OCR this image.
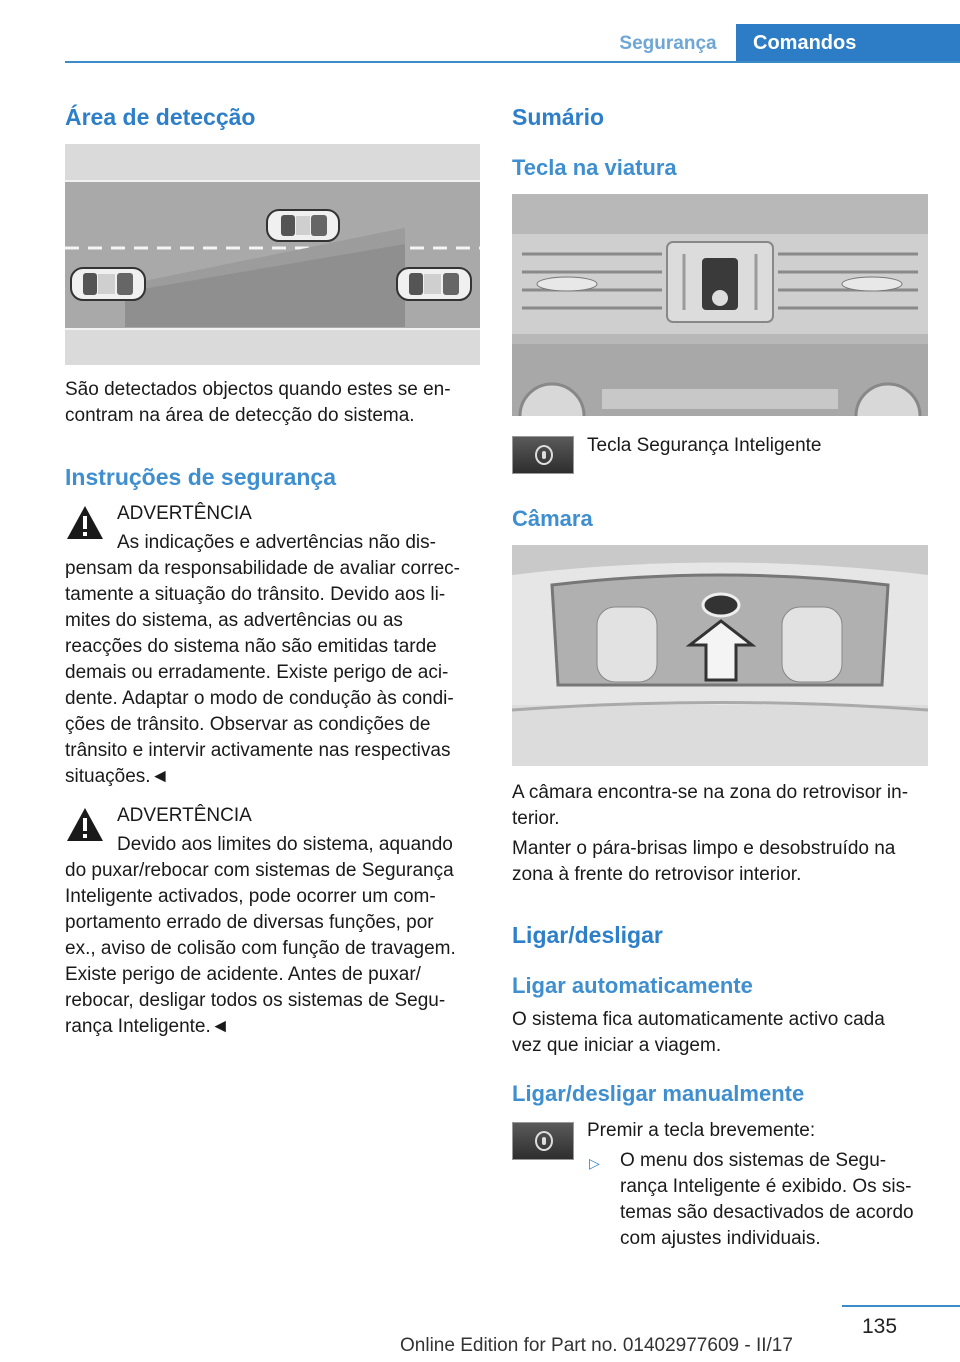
Segurança	Comandos
Área de detecção

São detectados objectos quando estes se en-

contram na área de detecção do sistema.

Instruções de segurança

ADVERTÊNCIA

As indicações e advertências não dis-

pensam da responsabilidade de avaliar correc-

tamente a situação do trânsito. Devido aos li-

mites do sistema, as advertências ou as

reacções do sistema não são emitidas tarde

demais ou erradamente. Existe perigo de aci-

dente. Adaptar o modo de condução às condi-

ções de trânsito. Observar as condições de

trânsito e intervir activamente nas respectivas

situações.◄

ADVERTÊNCIA

Devido aos limites do sistema, aquando

do puxar/rebocar com sistemas de Segurança

Inteligente activados, pode ocorrer um com-

portamento errado de diversas funções, por

ex., aviso de colisão com função de travagem.

Existe perigo de acidente. Antes de puxar/

rebocar, desligar todos os sistemas de Segu-

rança Inteligente.◄

Sumário
Tecla na viatura

Tecla Segurança Inteligente

Câmara

A câmara encontra-se na zona do retrovisor in-

terior.

Manter o pára-brisas limpo e desobstruído na

zona à frente do retrovisor interior.

Ligar/desligar
Ligar automaticamente

O sistema fica automaticamente activo cada

vez que iniciar a viagem.

Ligar/desligar manualmente

Premir a tecla brevemente:

▷ O menu dos sistemas de Segu-

rança Inteligente é exibido. Os sis-

temas são desactivados de acordo

com ajustes individuais.

135
Online Edition for Part no. 01402977609 - II/17
